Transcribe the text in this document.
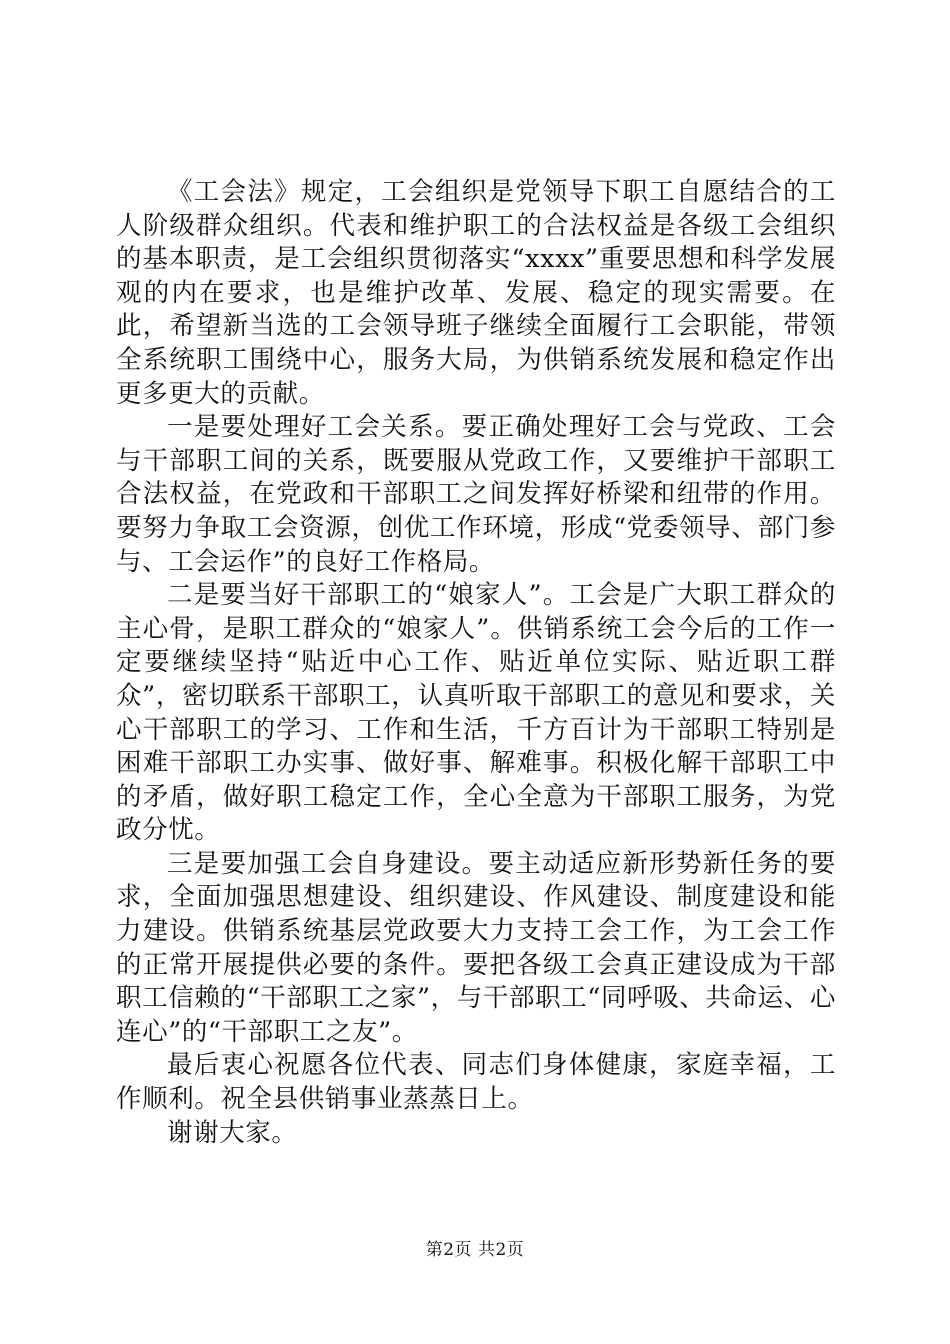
《工会法》规定，工会组织是党领导下职工自愿结合的工人阶级群众组织。代表和维护职工的合法权益是各级工会组织的基本职责，是工会组织贯彻落实“xxxx”重要思想和科学发展观的内在要求，也是维护改革、发展、稳定的现实需要。在此，希望新当选的工会领导班子继续全面履行工会职能，带领全系统职工围绕中心，服务大局，为供销系统发展和稳定作出更多更大的贡献。

一是要处理好工会关系。要正确处理好工会与党政、工会与干部职工间的关系，既要服从党政工作，又要维护干部职工合法权益，在党政和干部职工之间发挥好桥梁和纽带的作用。要努力争取工会资源，创优工作环境，形成“党委领导、部门参与、工会运作”的良好工作格局。

二是要当好干部职工的“娘家人”。工会是广大职工群众的主心骨，是职工群众的“娘家人”。供销系统工会今后的工作一定要继续坚持“贴近中心工作、贴近单位实际、贴近职工群众”，密切联系干部职工，认真听取干部职工的意见和要求，关心干部职工的学习、工作和生活，千方百计为干部职工特别是困难干部职工办实事、做好事、解难事。积极化解干部职工中的矛盾，做好职工稳定工作，全心全意为干部职工服务，为党政分忧。

三是要加强工会自身建设。要主动适应新形势新任务的要求，全面加强思想建设、组织建设、作风建设、制度建设和能力建设。供销系统基层党政要大力支持工会工作，为工会工作的正常开展提供必要的条件。要把各级工会真正建设成为干部职工信赖的“干部职工之家”，与干部职工“同呼吸、共命运、心连心”的“干部职工之友”。

最后衷心祝愿各位代表、同志们身体健康，家庭幸福，工作顺利。祝全县供销事业蒸蒸日上。

谢谢大家。

第2页 共2页
